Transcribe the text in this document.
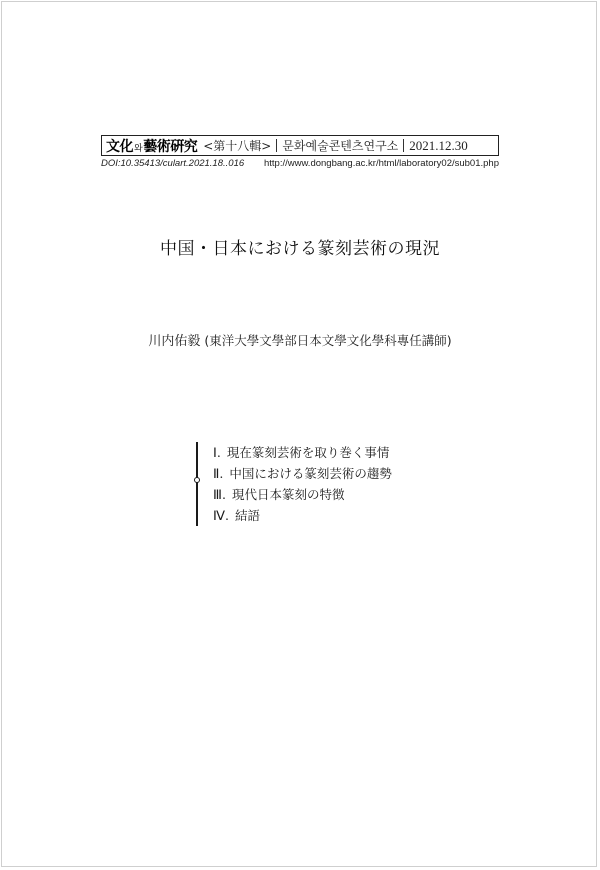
文化와藝術硏究 <第十八輯> 문화예술콘텐츠연구소 2021.12.30
DOI:10.35413/culart.2021.18..016 http://www.dongbang.ac.kr/html/laboratory02/sub01.php
中国・日本における篆刻芸術の現況
川内佑毅 (東洋大學文學部日本文學文化學科專任講師)
Ⅰ. 現在篆刻芸術を取り巻く事情
Ⅱ. 中国における篆刻芸術の趨勢
Ⅲ. 現代日本篆刻の特徴
Ⅳ. 結語
